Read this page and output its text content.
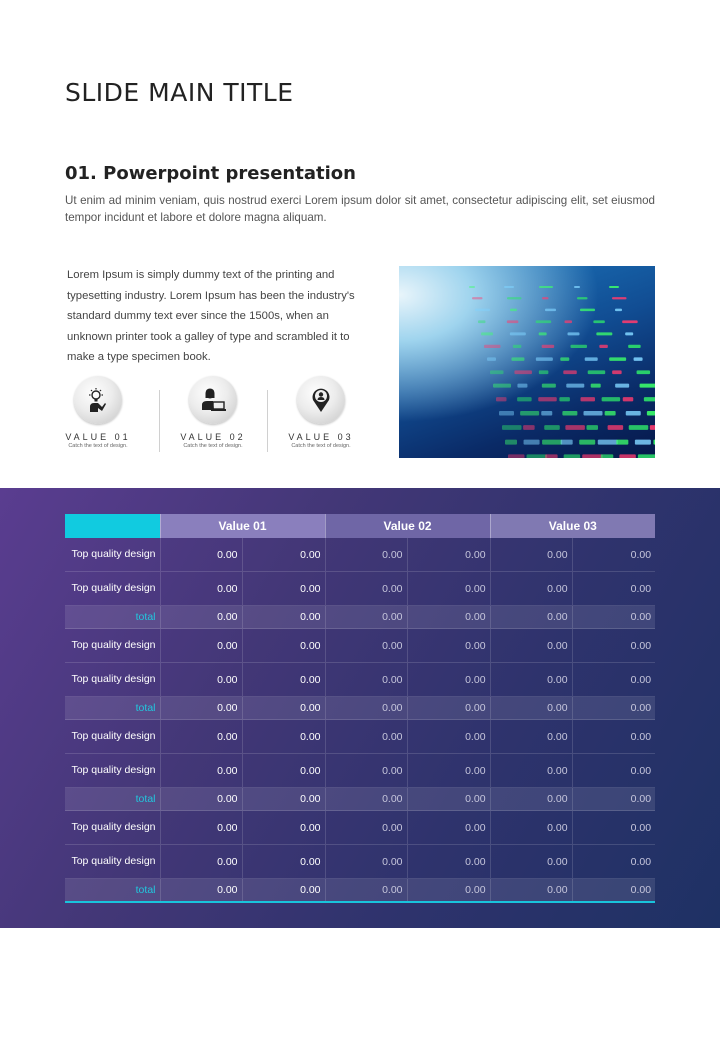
SLIDE MAIN TITLE
01. Powerpoint presentation

Ut enim ad minim veniam, quis nostrud exerci Lorem ipsum dolor sit amet, consectetur adipiscing elit, set eiusmod tempor incidunt et labore et dolore magna aliquam.

Lorem Ipsum is simply dummy text of the printing and typesetting industry. Lorem Ipsum has been the industry's standard dummy text ever since the 1500s, when an unknown printer took a galley of type and scrambled it to make a type specimen book.

VALUE 01
Catch the text of design.
VALUE 02
Catch the text of design.
VALUE 03
Catch the text of design.
	Value 01		Value 02		Value 03	
Top quality design	0.00	0.00	0.00	0.00	0.00	0.00
Top quality design	0.00	0.00	0.00	0.00	0.00	0.00
total	0.00	0.00	0.00	0.00	0.00	0.00
Top quality design	0.00	0.00	0.00	0.00	0.00	0.00
Top quality design	0.00	0.00	0.00	0.00	0.00	0.00
total	0.00	0.00	0.00	0.00	0.00	0.00
Top quality design	0.00	0.00	0.00	0.00	0.00	0.00
Top quality design	0.00	0.00	0.00	0.00	0.00	0.00
total	0.00	0.00	0.00	0.00	0.00	0.00
Top quality design	0.00	0.00	0.00	0.00	0.00	0.00
Top quality design	0.00	0.00	0.00	0.00	0.00	0.00
total	0.00	0.00	0.00	0.00	0.00	0.00
